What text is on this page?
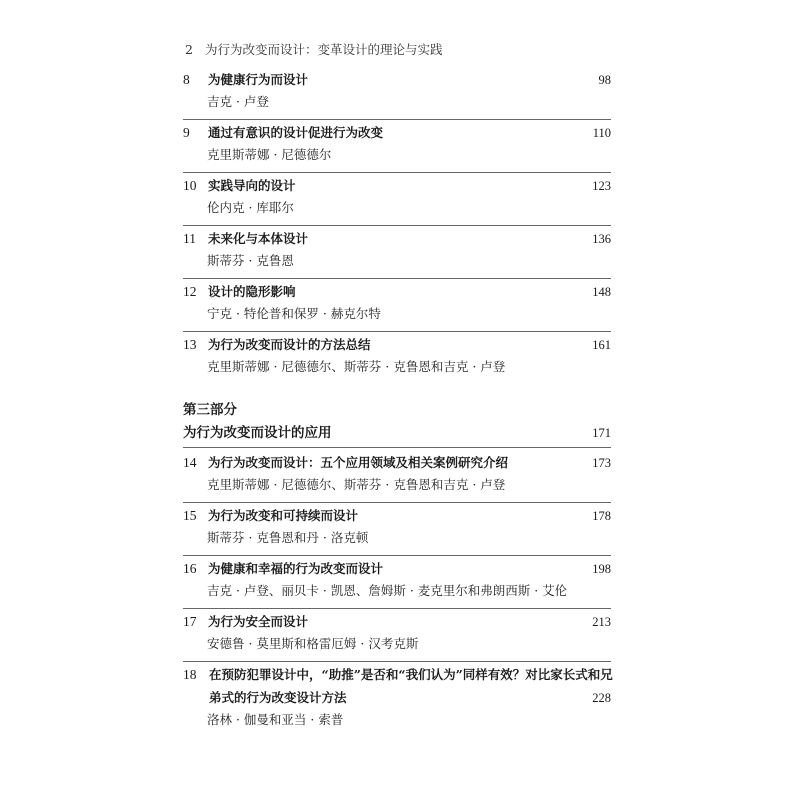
2 为行为改变而设计：变革设计的理论与实践
8 为健康行为而设计	98
吉克 · 卢登
9 通过有意识的设计促进行为改变	110
克里斯蒂娜 · 尼德德尔
10 实践导向的设计	123
伦内克 · 库耶尔
11 未来化与本体设计	136
斯蒂芬 · 克鲁恩
12 设计的隐形影响	148
宁克 · 特伦普和保罗 · 赫克尔特
13 为行为改变而设计的方法总结	161
克里斯蒂娜 · 尼德德尔、斯蒂芬 · 克鲁恩和吉克 · 卢登
第三部分
为行为改变而设计的应用	171
14 为行为改变而设计：五个应用领域及相关案例研究介绍	173
克里斯蒂娜 · 尼德德尔、斯蒂芬 · 克鲁恩和吉克 · 卢登
15 为行为改变和可持续而设计	178
斯蒂芬 · 克鲁恩和丹 · 洛克顿
16 为健康和幸福的行为改变而设计	198
吉克 · 卢登、丽贝卡 · 凯恩、詹姆斯 · 麦克里尔和弗朗西斯 · 艾伦
17 为行为安全而设计	213
安德鲁 · 莫里斯和格雷厄姆 · 汉考克斯
18 在预防犯罪设计中，“助推”是否和“我们认为”同样有效？对比家长式和兄
弟式的行为改变设计方法	228
洛林 · 伽曼和亚当 · 索普
